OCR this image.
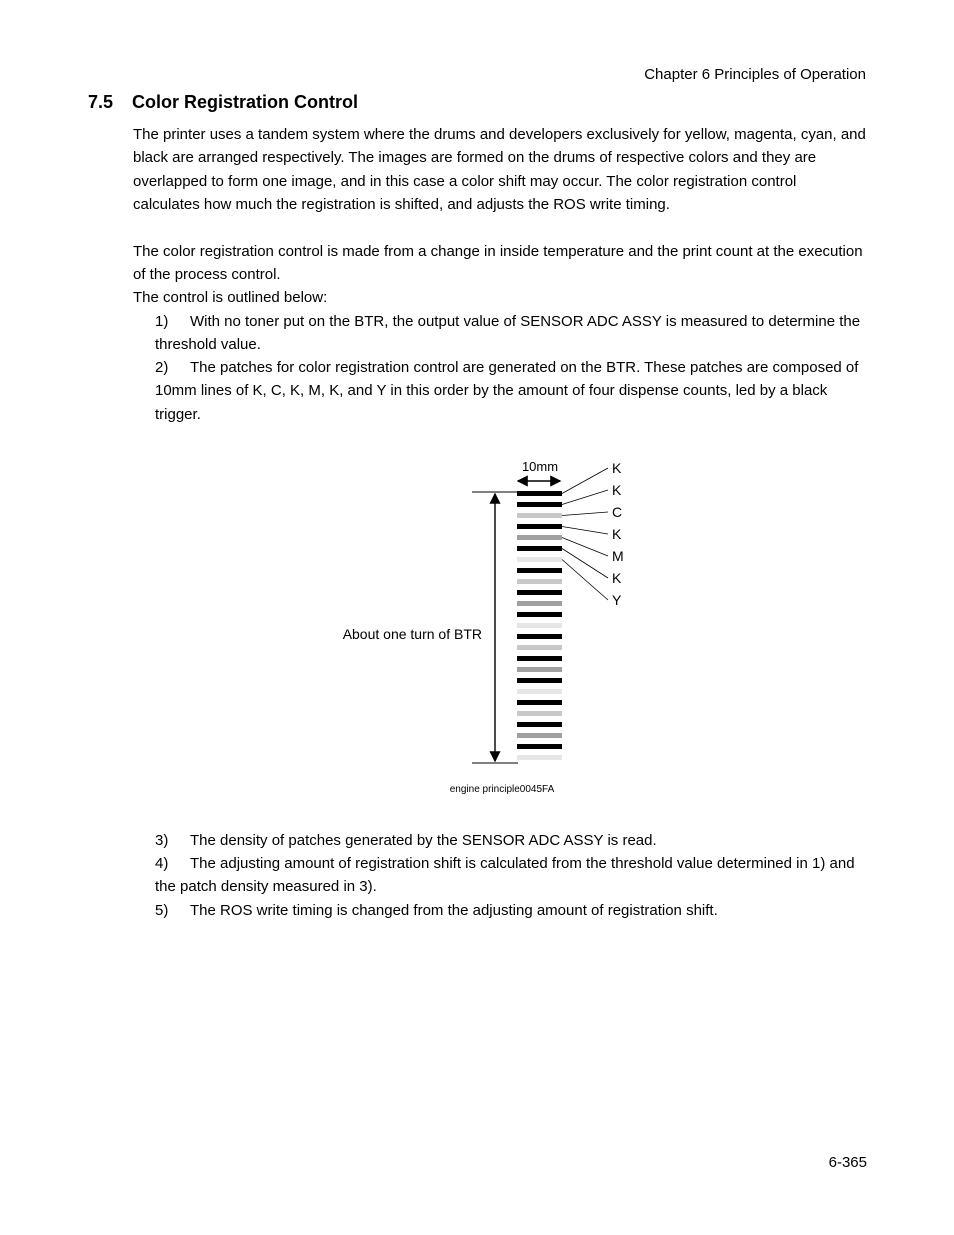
Chapter 6 Principles of Operation
7.5 Color Registration Control

The printer uses a tandem system where the drums and developers exclusively for yellow, magenta, cyan, and black are arranged respectively. The images are formed on the drums of respective colors and they are overlapped to form one image, and in this case a color shift may occur. The color registration control calculates how much the registration is shifted, and adjusts the ROS write timing.

The color registration control is made from a change in inside temperature and the print count at the execution of the process control.

The control is outlined below:

1) With no toner put on the BTR, the output value of SENSOR ADC ASSY is measured to determine the threshold value.

2) The patches for color registration control are generated on the BTR. These patches are composed of 10mm lines of K, C, K, M, K, and Y in this order by the amount of four dispense counts, led by a black trigger.

10mm
About one turn of BTR
K
K
C
K
M
K
Y
engine principle0045FA

3) The density of patches generated by the SENSOR ADC ASSY is read.

4) The adjusting amount of registration shift is calculated from the threshold value determined in 1) and the patch density measured in 3).

5) The ROS write timing is changed from the adjusting amount of registration shift.

6-365
